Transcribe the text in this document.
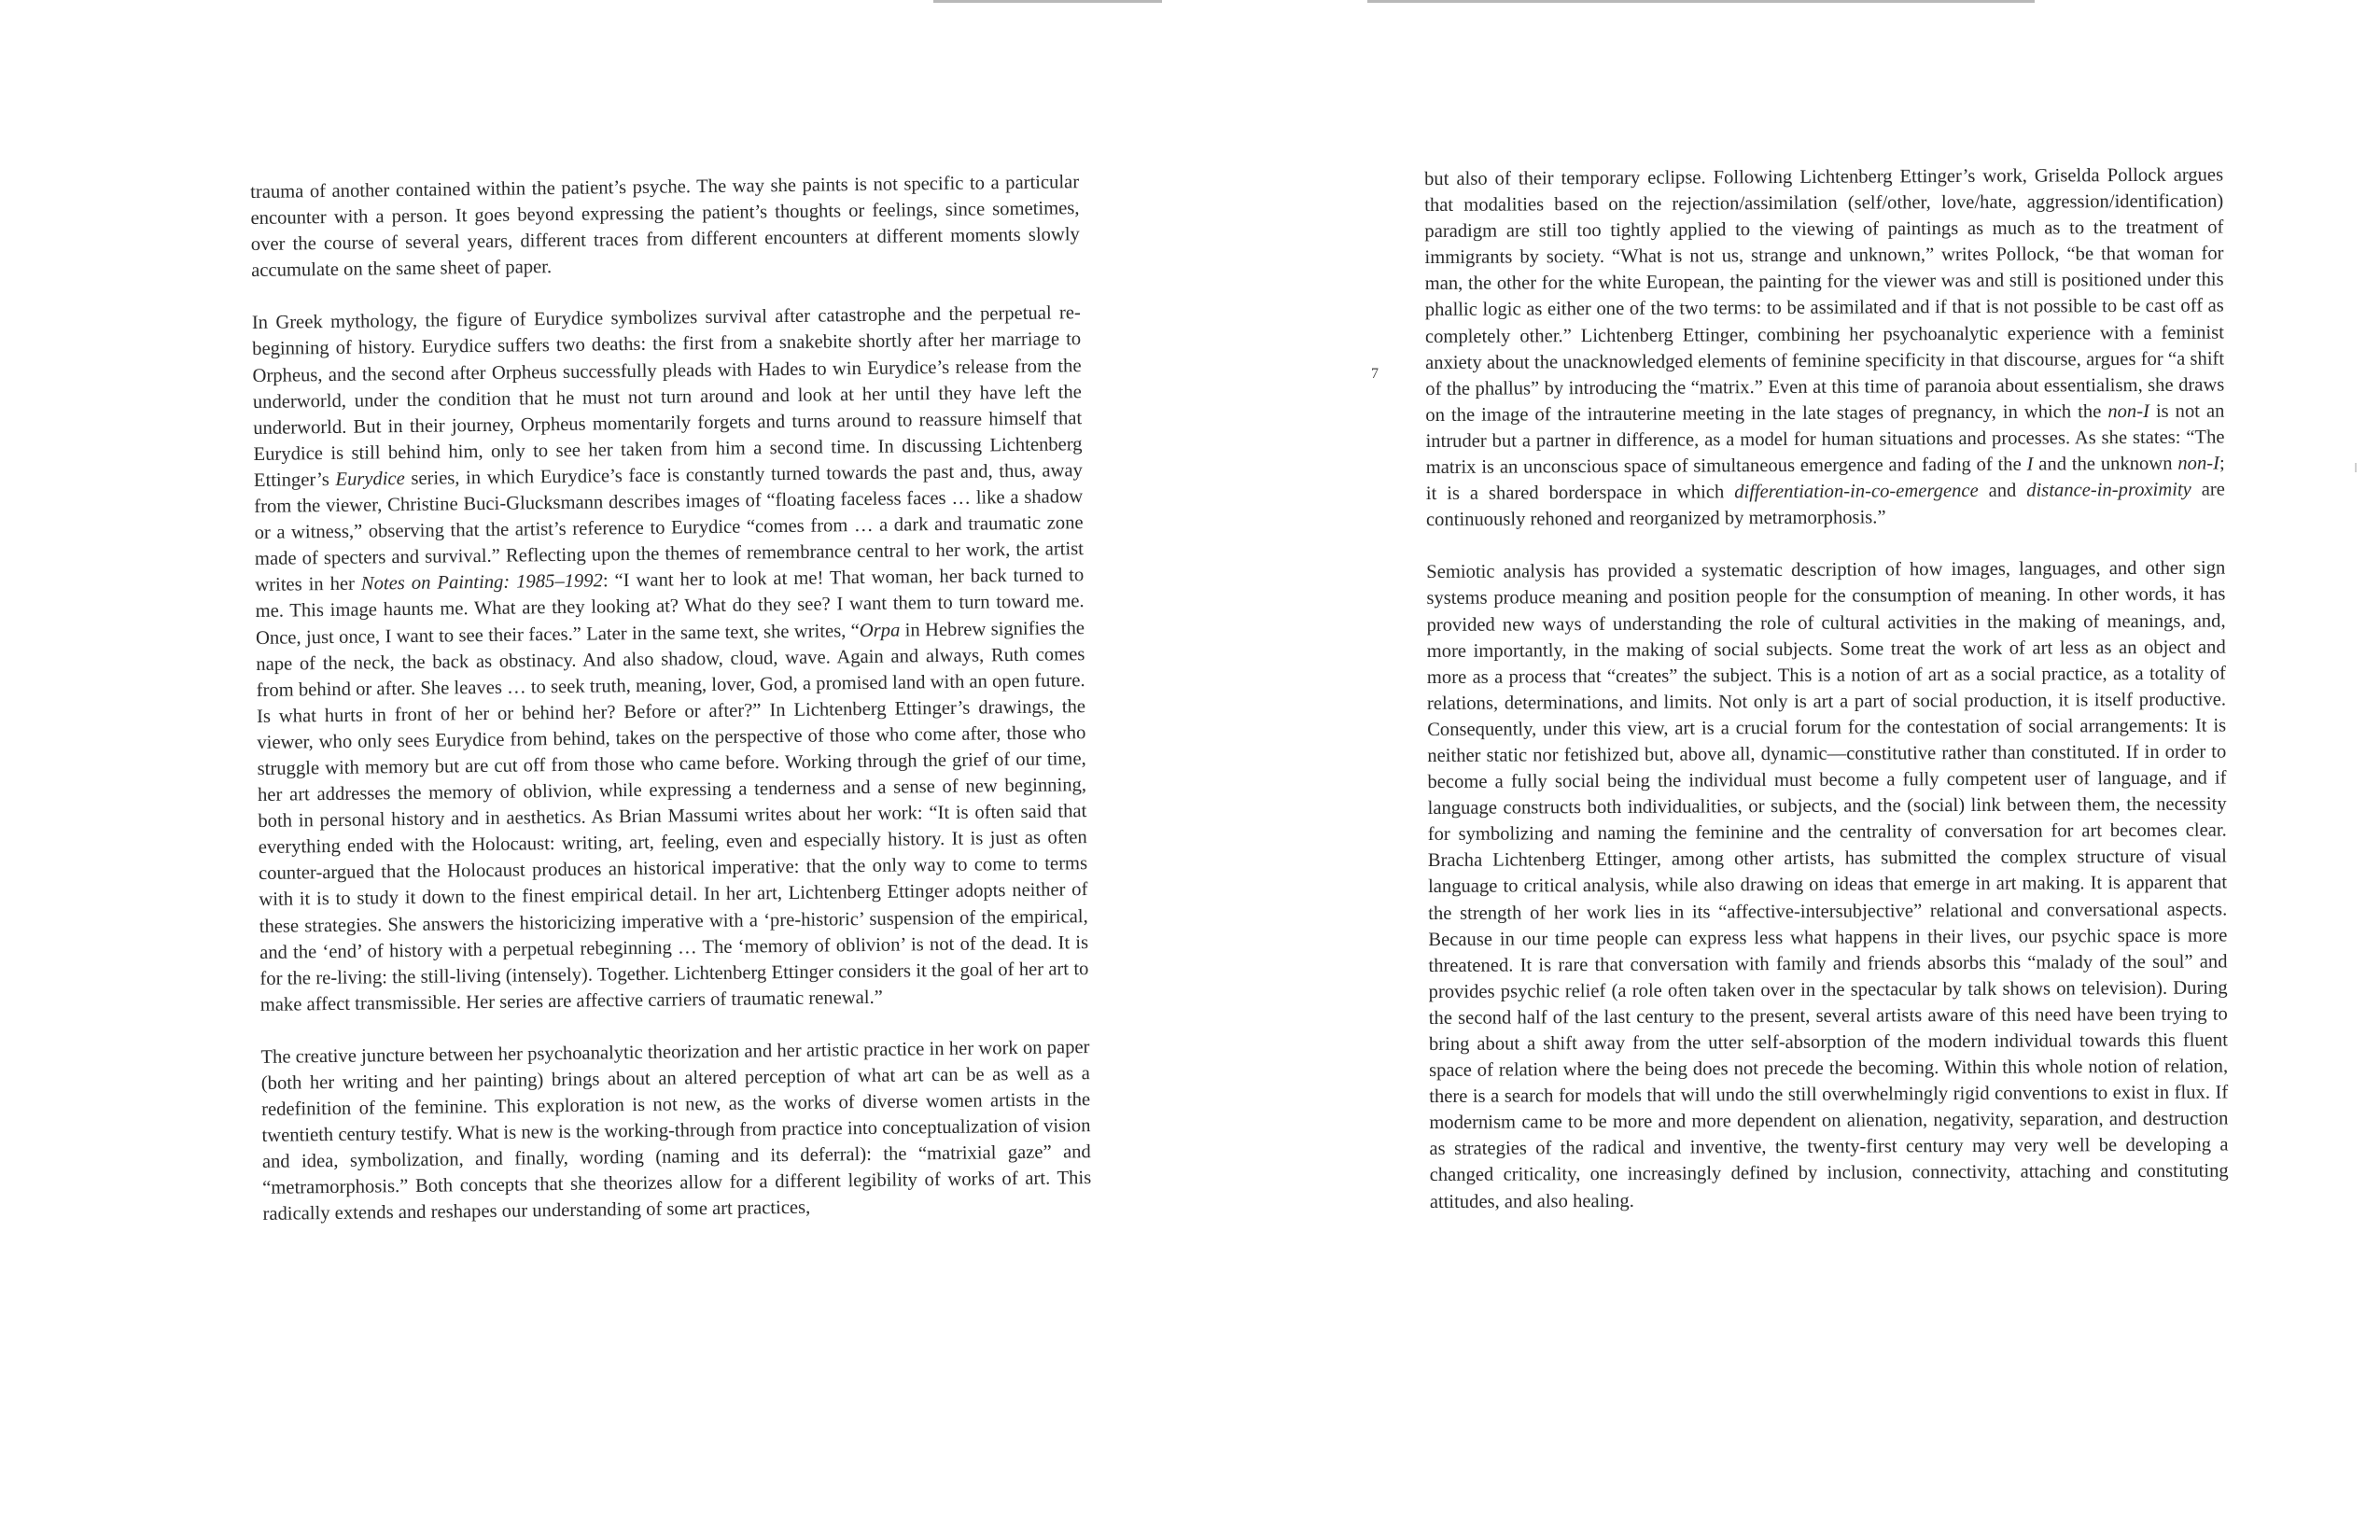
trauma of another contained within the patient’s psyche. The way she paints is not specific to a particular encounter with a person. It goes beyond expressing the patient’s thoughts or feelings, since sometimes, over the course of several years, different traces from different encounters at different moments slowly accumulate on the same sheet of paper.

In Greek mythology, the figure of Eurydice symbolizes survival after catastrophe and the perpetual re-beginning of history. Eurydice suffers two deaths: the first from a snakebite shortly after her marriage to Orpheus, and the second after Orpheus successfully pleads with Hades to win Eurydice’s release from the underworld, under the condition that he must not turn around and look at her until they have left the underworld. But in their journey, Orpheus momentarily forgets and turns around to reassure himself that Eurydice is still behind him, only to see her taken from him a second time. In discussing Lichtenberg Ettinger’s Eurydice series, in which Eurydice’s face is constantly turned towards the past and, thus, away from the viewer, Christine Buci-Glucksmann describes images of “floating faceless faces … like a shadow or a witness,” observing that the artist’s reference to Eurydice “comes from … a dark and traumatic zone made of specters and survival.” Reflecting upon the themes of remembrance central to her work, the artist writes in her Notes on Painting: 1985–1992: “I want her to look at me! That woman, her back turned to me. This image haunts me. What are they looking at? What do they see? I want them to turn toward me. Once, just once, I want to see their faces.” Later in the same text, she writes, “Orpa in Hebrew signifies the nape of the neck, the back as obstinacy. And also shadow, cloud, wave. Again and always, Ruth comes from behind or after. She leaves … to seek truth, meaning, lover, God, a promised land with an open future. Is what hurts in front of her or behind her? Before or after?” In Lichtenberg Ettinger’s drawings, the viewer, who only sees Eurydice from behind, takes on the perspective of those who come after, those who struggle with memory but are cut off from those who came before. Working through the grief of our time, her art addresses the memory of oblivion, while expressing a tenderness and a sense of new beginning, both in personal history and in aesthetics. As Brian Massumi writes about her work: “It is often said that everything ended with the Holocaust: writing, art, feeling, even and especially history. It is just as often counter-argued that the Holocaust produces an historical imperative: that the only way to come to terms with it is to study it down to the finest empirical detail. In her art, Lichtenberg Ettinger adopts neither of these strategies. She answers the historicizing imperative with a ‘pre-historic’ suspension of the empirical, and the ‘end’ of history with a perpetual rebeginning … The ‘memory of oblivion’ is not of the dead. It is for the re-living: the still-living (intensely). Together. Lichtenberg Ettinger considers it the goal of her art to make affect transmissible. Her series are affective carriers of traumatic renewal.”

The creative juncture between her psychoanalytic theorization and her artistic practice in her work on paper (both her writing and her painting) brings about an altered perception of what art can be as well as a redefinition of the feminine. This exploration is not new, as the works of diverse women artists in the twentieth century testify. What is new is the working-through from practice into conceptualization of vision and idea, symbolization, and finally, wording (naming and its deferral): the “matrixial gaze” and “metramorphosis.” Both concepts that she theorizes allow for a different legibility of works of art. This radically extends and reshapes our understanding of some art practices,

7

but also of their temporary eclipse. Following Lichtenberg Ettinger’s work, Griselda Pollock argues that modalities based on the rejection/assimilation (self/other, love/hate, aggression/identification) paradigm are still too tightly applied to the viewing of paintings as much as to the treatment of immigrants by society. “What is not us, strange and unknown,” writes Pollock, “be that woman for man, the other for the white European, the painting for the viewer was and still is positioned under this phallic logic as either one of the two terms: to be assimilated and if that is not possible to be cast off as completely other.” Lichtenberg Ettinger, combining her psychoanalytic experience with a feminist anxiety about the unacknowledged elements of feminine specificity in that discourse, argues for “a shift of the phallus” by introducing the “matrix.” Even at this time of paranoia about essentialism, she draws on the image of the intrauterine meeting in the late stages of pregnancy, in which the non-I is not an intruder but a partner in difference, as a model for human situations and processes. As she states: “The matrix is an unconscious space of simultaneous emergence and fading of the I and the unknown non-I; it is a shared borderspace in which differentiation-in-co-emergence and distance-in-proximity are continuously rehoned and reorganized by metramorphosis.”

Semiotic analysis has provided a systematic description of how images, languages, and other sign systems produce meaning and position people for the consumption of meaning. In other words, it has provided new ways of understanding the role of cultural activities in the making of meanings, and, more importantly, in the making of social subjects. Some treat the work of art less as an object and more as a process that “creates” the subject. This is a notion of art as a social practice, as a totality of relations, determinations, and limits. Not only is art a part of social production, it is itself productive. Consequently, under this view, art is a crucial forum for the contestation of social arrangements: It is neither static nor fetishized but, above all, dynamic—constitutive rather than constituted. If in order to become a fully social being the individual must become a fully competent user of language, and if language constructs both individualities, or subjects, and the (social) link between them, the necessity for symbolizing and naming the feminine and the centrality of conversation for art becomes clear. Bracha Lichtenberg Ettinger, among other artists, has submitted the complex structure of visual language to critical analysis, while also drawing on ideas that emerge in art making. It is apparent that the strength of her work lies in its “affective-intersubjective” relational and conversational aspects. Because in our time people can express less what happens in their lives, our psychic space is more threatened. It is rare that conversation with family and friends absorbs this “malady of the soul” and provides psychic relief (a role often taken over in the spectacular by talk shows on television). During the second half of the last century to the present, several artists aware of this need have been trying to bring about a shift away from the utter self-absorption of the modern individual towards this fluent space of relation where the being does not precede the becoming. Within this whole notion of relation, there is a search for models that will undo the still overwhelmingly rigid conventions to exist in flux. If modernism came to be more and more dependent on alienation, negativity, separation, and destruction as strategies of the radical and inventive, the twenty-first century may very well be developing a changed criticality, one increasingly defined by inclusion, connectivity, attaching and constituting attitudes, and also healing.
